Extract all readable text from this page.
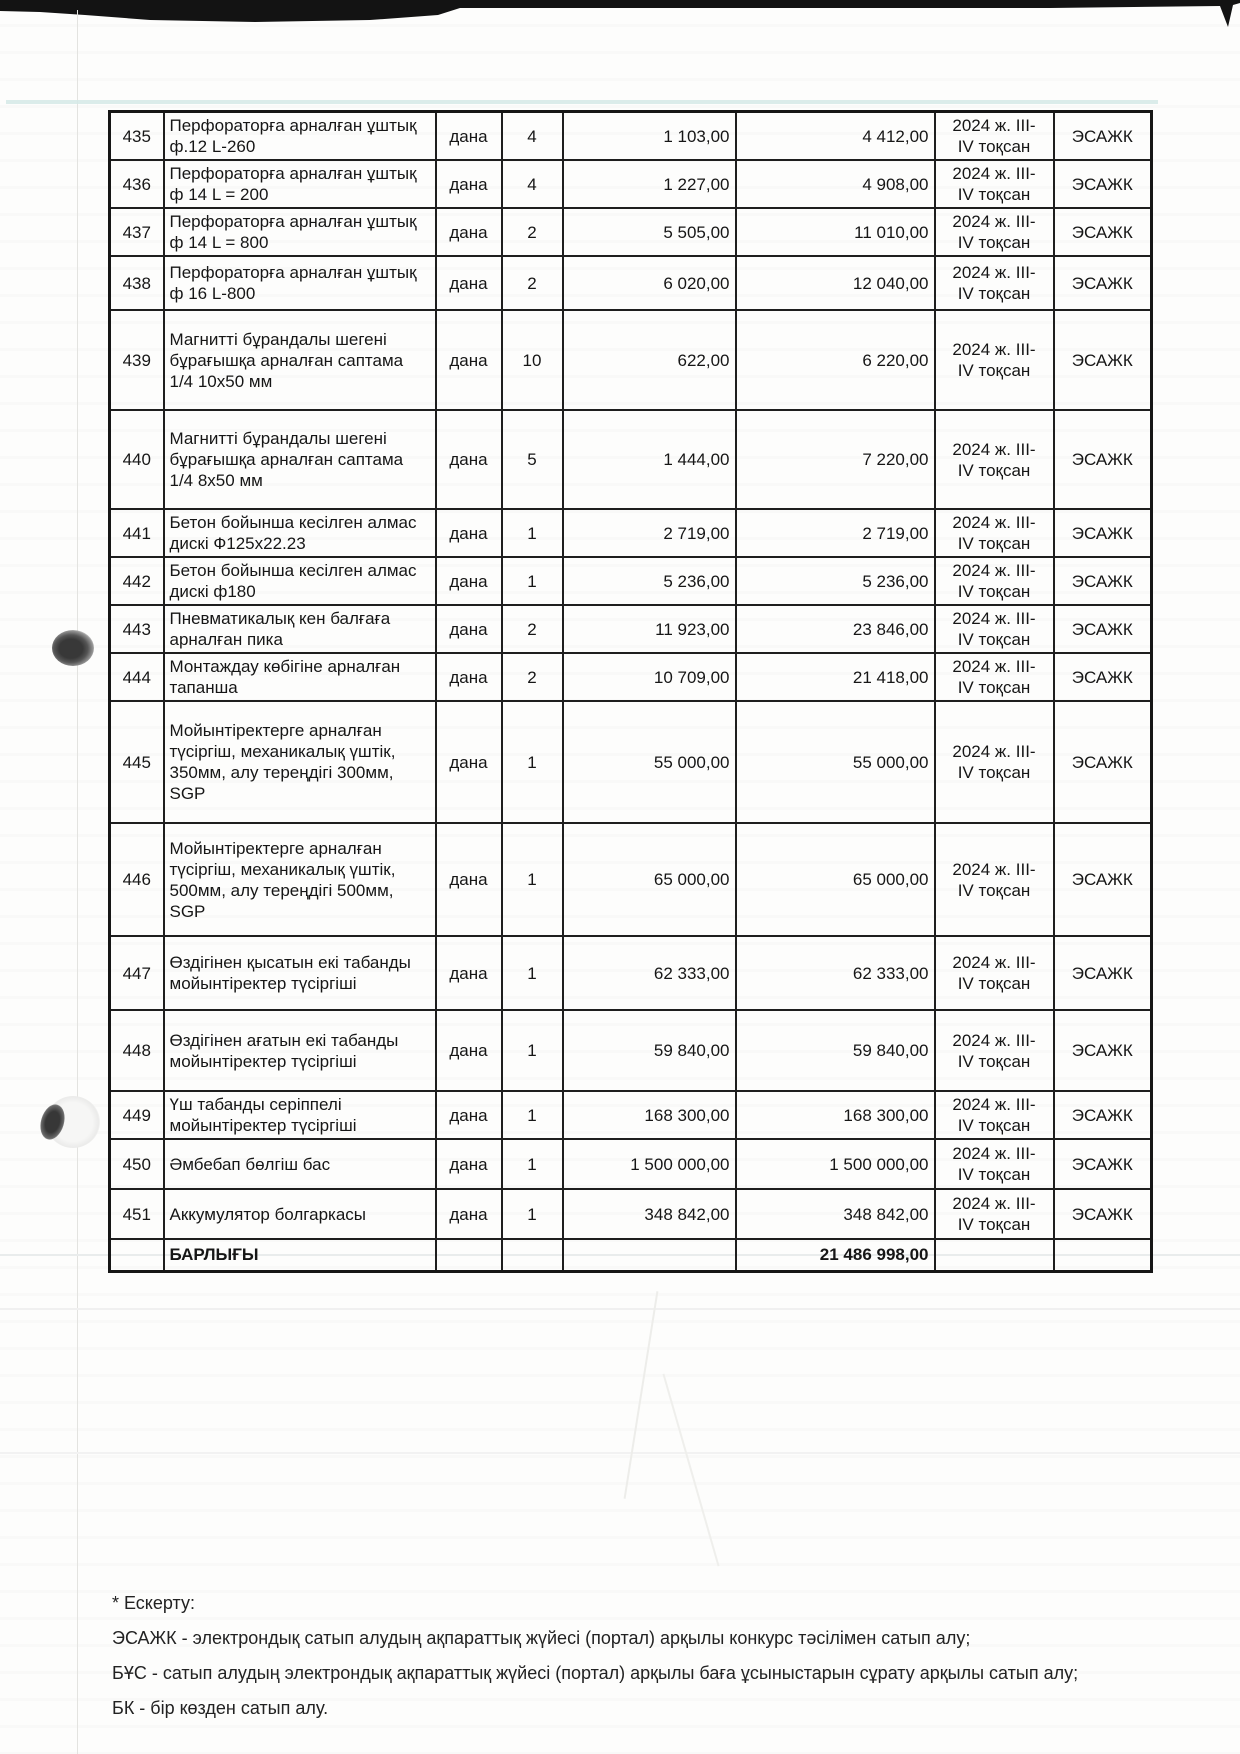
435	Перфораторға арналған ұштық ф.12 L-260	дана	4	1 103,00	4 412,00	2024 ж. III-
IV тоқсан	ЭСАЖК
436	Перфораторға арналған ұштық ф 14 L = 200	дана	4	1 227,00	4 908,00	2024 ж. III-
IV тоқсан	ЭСАЖК
437	Перфораторға арналған ұштық ф 14 L = 800	дана	2	5 505,00	11 010,00	2024 ж. III-
IV тоқсан	ЭСАЖК
438	Перфораторға арналған ұштық ф 16 L-800	дана	2	6 020,00	12 040,00	2024 ж. III-
IV тоқсан	ЭСАЖК
439	Магнитті бұрандалы шегені бұрағышқа арналған саптама 1/4 10х50 мм	дана	10	622,00	6 220,00	2024 ж. III-
IV тоқсан	ЭСАЖК
440	Магнитті бұрандалы шегені бұрағышқа арналған саптама 1/4 8х50 мм	дана	5	1 444,00	7 220,00	2024 ж. III-
IV тоқсан	ЭСАЖК
441	Бетон бойынша кесілген алмас дискі Ф125х22.23	дана	1	2 719,00	2 719,00	2024 ж. III-
IV тоқсан	ЭСАЖК
442	Бетон бойынша кесілген алмас дискі ф180	дана	1	5 236,00	5 236,00	2024 ж. III-
IV тоқсан	ЭСАЖК
443	Пневматикалық кен балғаға арналған пика	дана	2	11 923,00	23 846,00	2024 ж. III-
IV тоқсан	ЭСАЖК
444	Монтаждау көбігіне арналған тапанша	дана	2	10 709,00	21 418,00	2024 ж. III-
IV тоқсан	ЭСАЖК
445	Мойынтіректерге арналған түсіргіш, механикалық үштік, 350мм, алу тереңдігі 300мм, SGP	дана	1	55 000,00	55 000,00	2024 ж. III-
IV тоқсан	ЭСАЖК
446	Мойынтіректерге арналған түсіргіш, механикалық үштік, 500мм, алу тереңдігі 500мм, SGP	дана	1	65 000,00	65 000,00	2024 ж. III-
IV тоқсан	ЭСАЖК
447	Өздігінен қысатын екі табанды мойынтіректер түсіргіші	дана	1	62 333,00	62 333,00	2024 ж. III-
IV тоқсан	ЭСАЖК
448	Өздігінен ағатын екі табанды мойынтіректер түсіргіші	дана	1	59 840,00	59 840,00	2024 ж. III-
IV тоқсан	ЭСАЖК
449	Үш табанды серіппелі мойынтіректер түсіргіші	дана	1	168 300,00	168 300,00	2024 ж. III-
IV тоқсан	ЭСАЖК
450	Әмбебап бөлгіш бас	дана	1	1 500 000,00	1 500 000,00	2024 ж. III-
IV тоқсан	ЭСАЖК
451	Аккумулятор болгаркасы	дана	1	348 842,00	348 842,00	2024 ж. III-
IV тоқсан	ЭСАЖК
	БАРЛЫҒЫ				21 486 998,00		
* Ескерту:
ЭСАЖК - электрондық сатып алудың ақпараттық жүйесі (портал) арқылы конкурс тәсілімен сатып алу;
БҰС - сатып алудың электрондық ақпараттық жүйесі (портал) арқылы баға ұсыныстарын сұрату арқылы сатып алу;
БК - бір көзден сатып алу.
